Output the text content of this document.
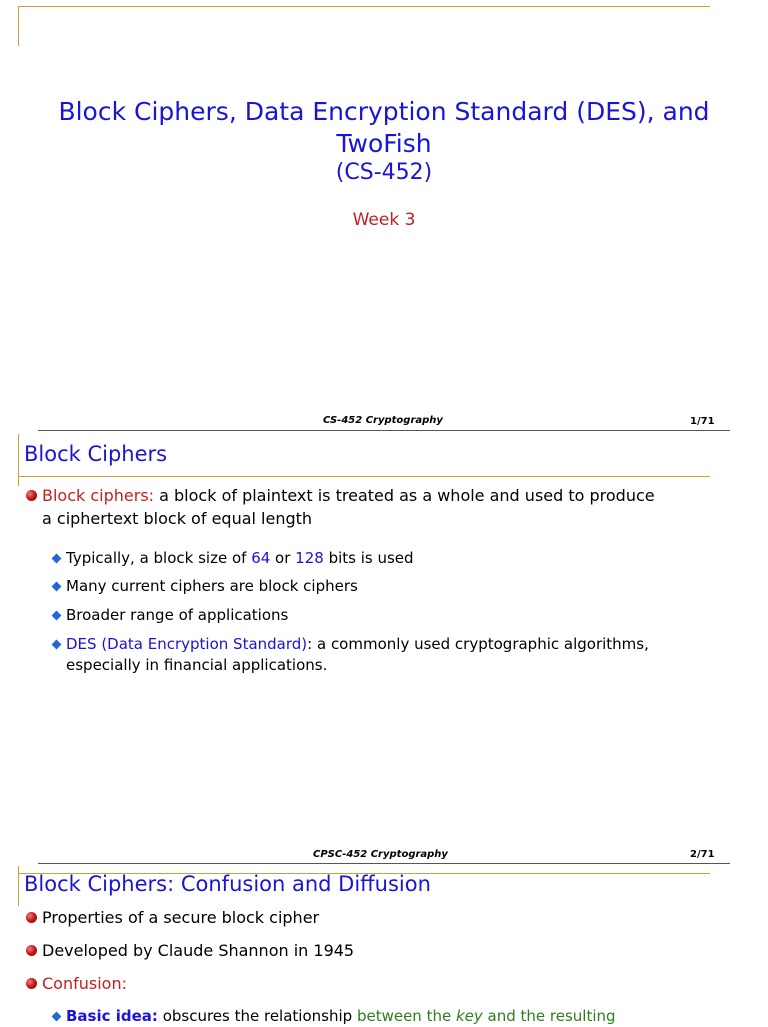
Block Ciphers, Data Encryption Standard (DES), and
TwoFish
(CS-452)
Week 3
CS-452 Cryptography	1/71
Block Ciphers
Block ciphers: a block of plaintext is treated as a whole and used to produce
a ciphertext block of equal length
Typically, a block size of 64 or 128 bits is used
Many current ciphers are block ciphers
Broader range of applications
DES (Data Encryption Standard): a commonly used cryptographic algorithms,
especially in financial applications.
CPSC-452 Cryptography	2/71
Block Ciphers: Confusion and Diffusion
Properties of a secure block cipher
Developed by Claude Shannon in 1945
Confusion:
Basic idea: obscures the relationship between the key and the resulting
